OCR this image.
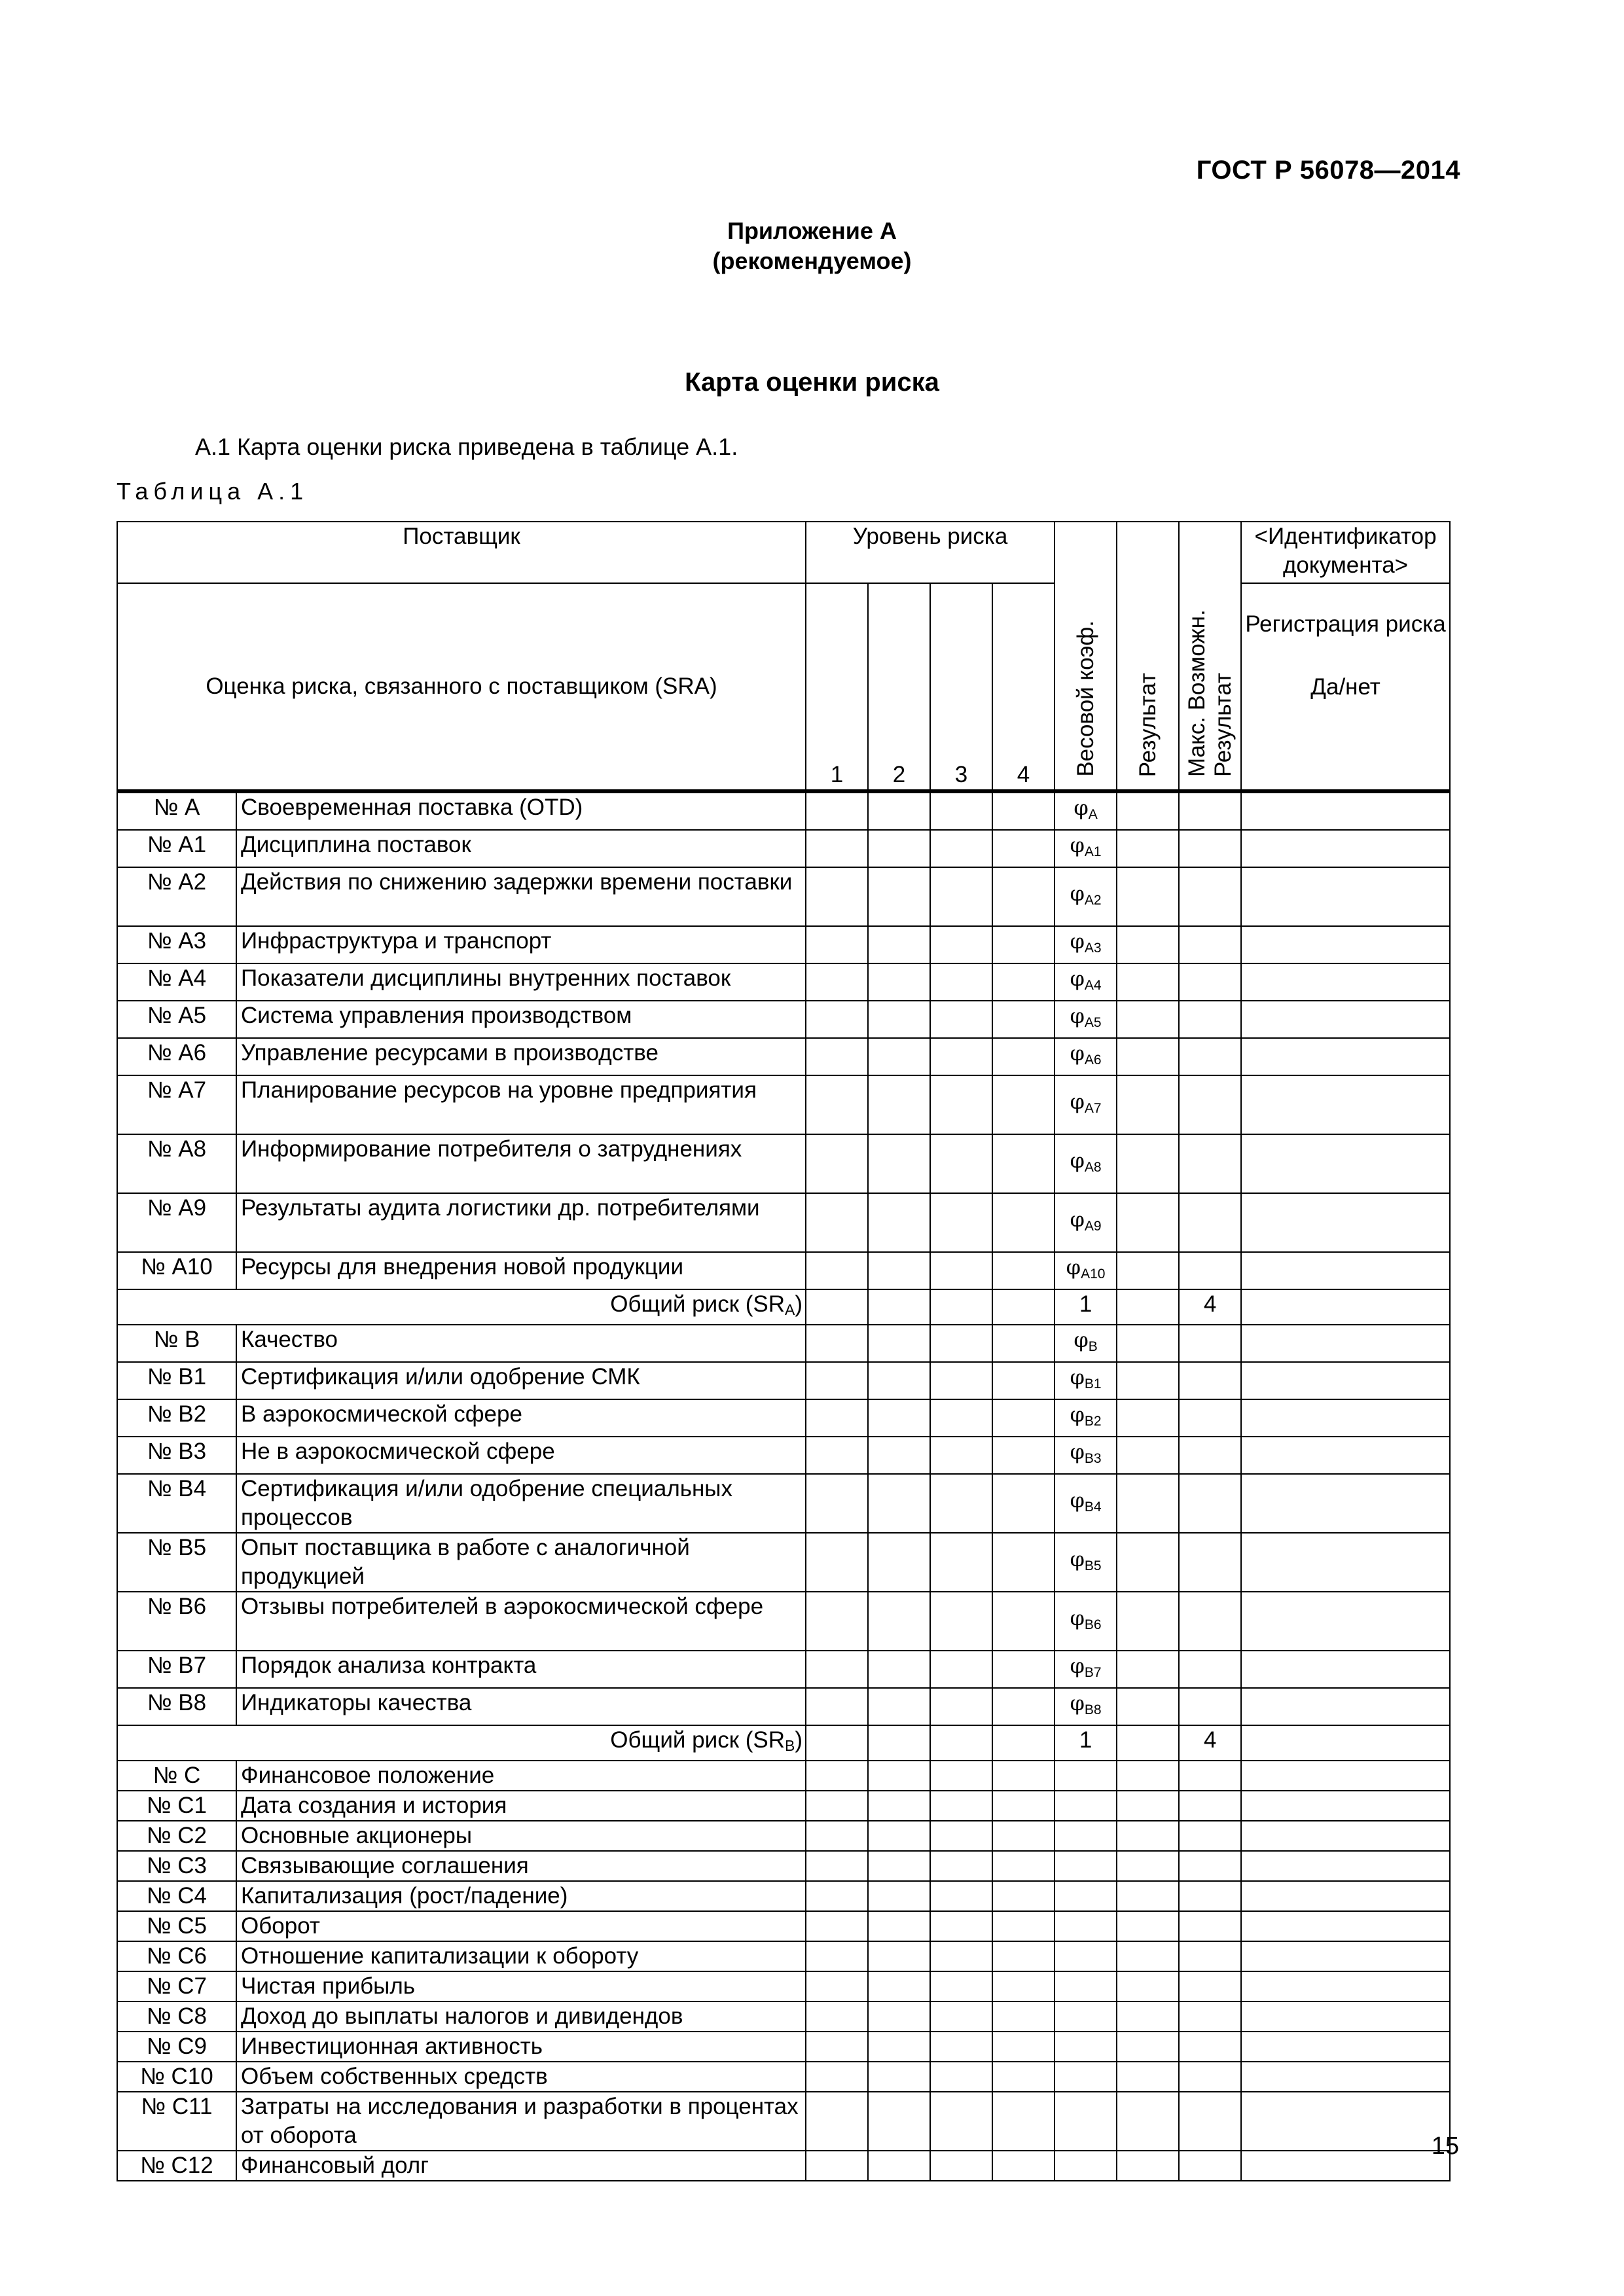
ГОСТ Р 56078—2014
Приложение А
(рекомендуемое)
Карта оценки риска
А.1 Карта оценки риска приведена в таблице А.1.
Таблица А.1
Поставщик		Уровень риска				Весовой коэф.	Результат	Макс. Возможн. Результат	<Идентификатор документа>

Оценка риска, связанного с поставщиком (SRA)		1	2	3	4				Регистрация риска
Да/нет

№ А	Своевременная поставка (OTD)					$\varphi_A$			
№ А1	Дисциплина поставок					$\varphi_{A1}$			
№ А2	Действия по снижению задержки времени поставки					$\varphi_{A2}$			
№ А3	Инфраструктура и транспорт					$\varphi_{A3}$			
№ А4	Показатели дисциплины внутренних поставок					$\varphi_{A4}$			
№ А5	Система управления производством					$\varphi_{A5}$			
№ А6	Управление ресурсами в производстве					$\varphi_{A6}$			
№ А7	Планирование ресурсов на уровне предприятия					$\varphi_{A7}$			
№ А8	Информирование потребителя о затруднениях					$\varphi_{A8}$			
№ А9	Результаты аудита логистики др. потребителями					$\varphi_{A9}$			
№ А10	Ресурсы для внедрения новой продукции					$\varphi_{A10}$			
Общий риск $(SR_A)$						1		4	
№ В	Качество					$\varphi_B$			
№ В1	Сертификация и/или одобрение СМК					$\varphi_{B1}$			
№ В2	В аэрокосмической сфере					$\varphi_{B2}$			
№ В3	Не в аэрокосмической сфере					$\varphi_{B3}$			
№ В4	Сертификация и/или одобрение специальных процессов					$\varphi_{B4}$			
№ В5	Опыт поставщика в работе с аналогичной продукцией					$\varphi_{B5}$			
№ В6	Отзывы потребителей в аэрокосмической сфере					$\varphi_{B6}$			
№ В7	Порядок анализа контракта					$\varphi_{B7}$			
№ В8	Индикаторы качества					$\varphi_{B8}$			
Общий риск $(SR_B)$						1		4	
№ С	Финансовое положение								
№ С1	Дата создания и история								
№ С2	Основные акционеры								
№ С3	Связывающие соглашения								
№ С4	Капитализация (рост/падение)								
№ С5	Оборот								
№ С6	Отношение капитализации к обороту								
№ С7	Чистая прибыль								
№ С8	Доход до выплаты налогов и дивидендов								
№ С9	Инвестиционная активность								
№ С10	Объем собственных средств								
№ С11	Затраты на исследования и разработки в процентах от оборота								
№ С12	Финансовый долг								
15
